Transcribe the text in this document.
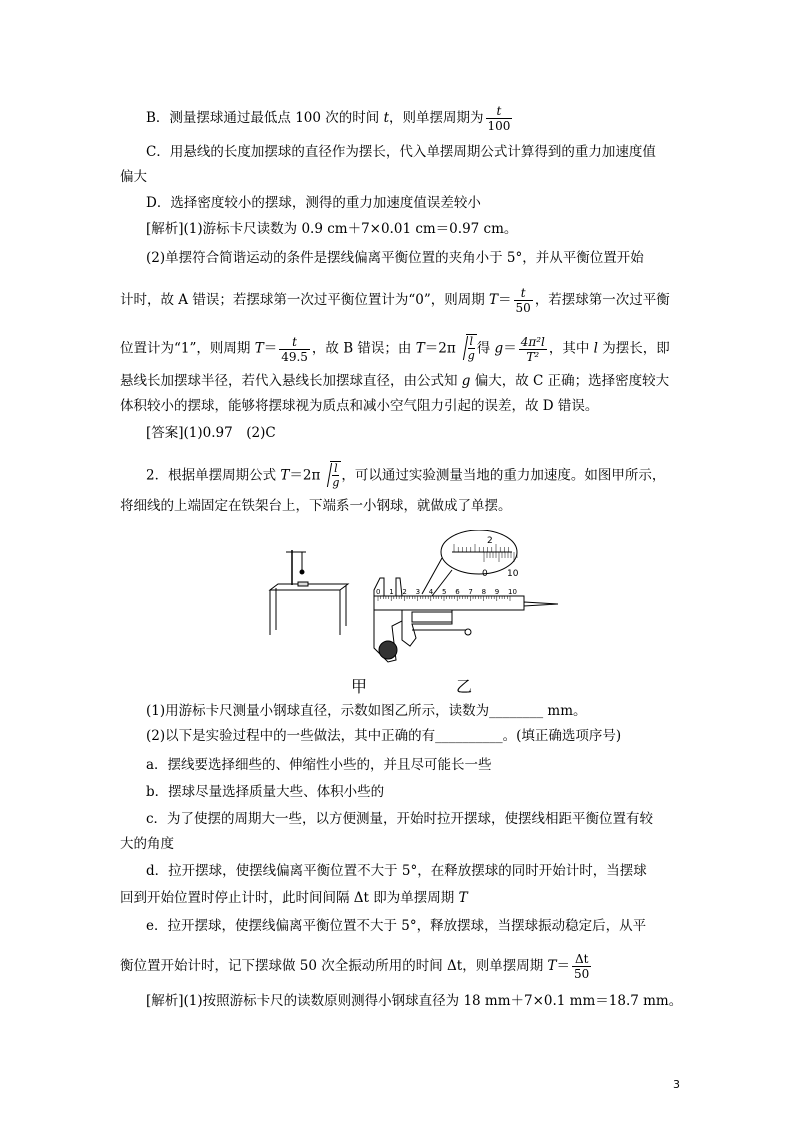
B．测量摆球通过最低点 100 次的时间 t，则单摆周期为 $\frac{t}{100}$
C．用悬线的长度加摆球的直径作为摆长，代入单摆周期公式计算得到的重力加速度值
偏大
D．选择密度较小的摆球，测得的重力加速度值误差较小
[解析](1)游标卡尺读数为 0.9 cm＋7×0.01 cm＝0.97 cm。
(2)单摆符合简谐运动的条件是摆线偏离平衡位置的夹角小于 5°，并从平衡位置开始
计时，故 A 错误；若摆球第一次过平衡位置计为“0”，则周期 $T= \frac{t}{50}$ ，若摆球第一次过平衡
位置计为“1”，则周期 $T= \frac{t}{49.5}$ ，故 B 错误；由 $T=2\pi \frac{l}{g}$ 得 $g= \frac{\text{4π²l}}{\text{T²}}$ ，其中 l 为摆长，即
悬线长加摆球半径，若代入悬线长加摆球直径，由公式知 g 偏大，故 C 正确；选择密度较大
体积较小的摆球，能够将摆球视为质点和减小空气阻力引起的误差，故 D 错误。
[答案](1)0.97　(2)C
2．根据单摆周期公式 $T=2\pi \frac{l}{g}$ ，可以通过实验测量当地的重力加速度。如图甲所示，
将细线的上端固定在铁架台上，下端系一小钢球，就做成了单摆。
2
0 10
0 1 2 3 4 5 6 7 8 9 10
甲	乙
(1)用游标卡尺测量小钢球直径，示数如图乙所示，读数为________ mm。
(2)以下是实验过程中的一些做法，其中正确的有__________。(填正确选项序号)
a．摆线要选择细些的、伸缩性小些的，并且尽可能长一些
b．摆球尽量选择质量大些、体积小些的
c．为了使摆的周期大一些，以方便测量，开始时拉开摆球，使摆线相距平衡位置有较
大的角度
d．拉开摆球，使摆线偏离平衡位置不大于 5°，在释放摆球的同时开始计时，当摆球
回到开始位置时停止计时，此时间间隔 Δt 即为单摆周期 T
e．拉开摆球，使摆线偏离平衡位置不大于 5°，释放摆球，当摆球振动稳定后，从平
衡位置开始计时，记下摆球做 50 次全振动所用的时间 Δt，则单摆周期 $T= \frac{\Delta t}{50}$
[解析](1)按照游标卡尺的读数原则测得小钢球直径为 18 mm＋7×0.1 mm＝18.7 mm。
3
